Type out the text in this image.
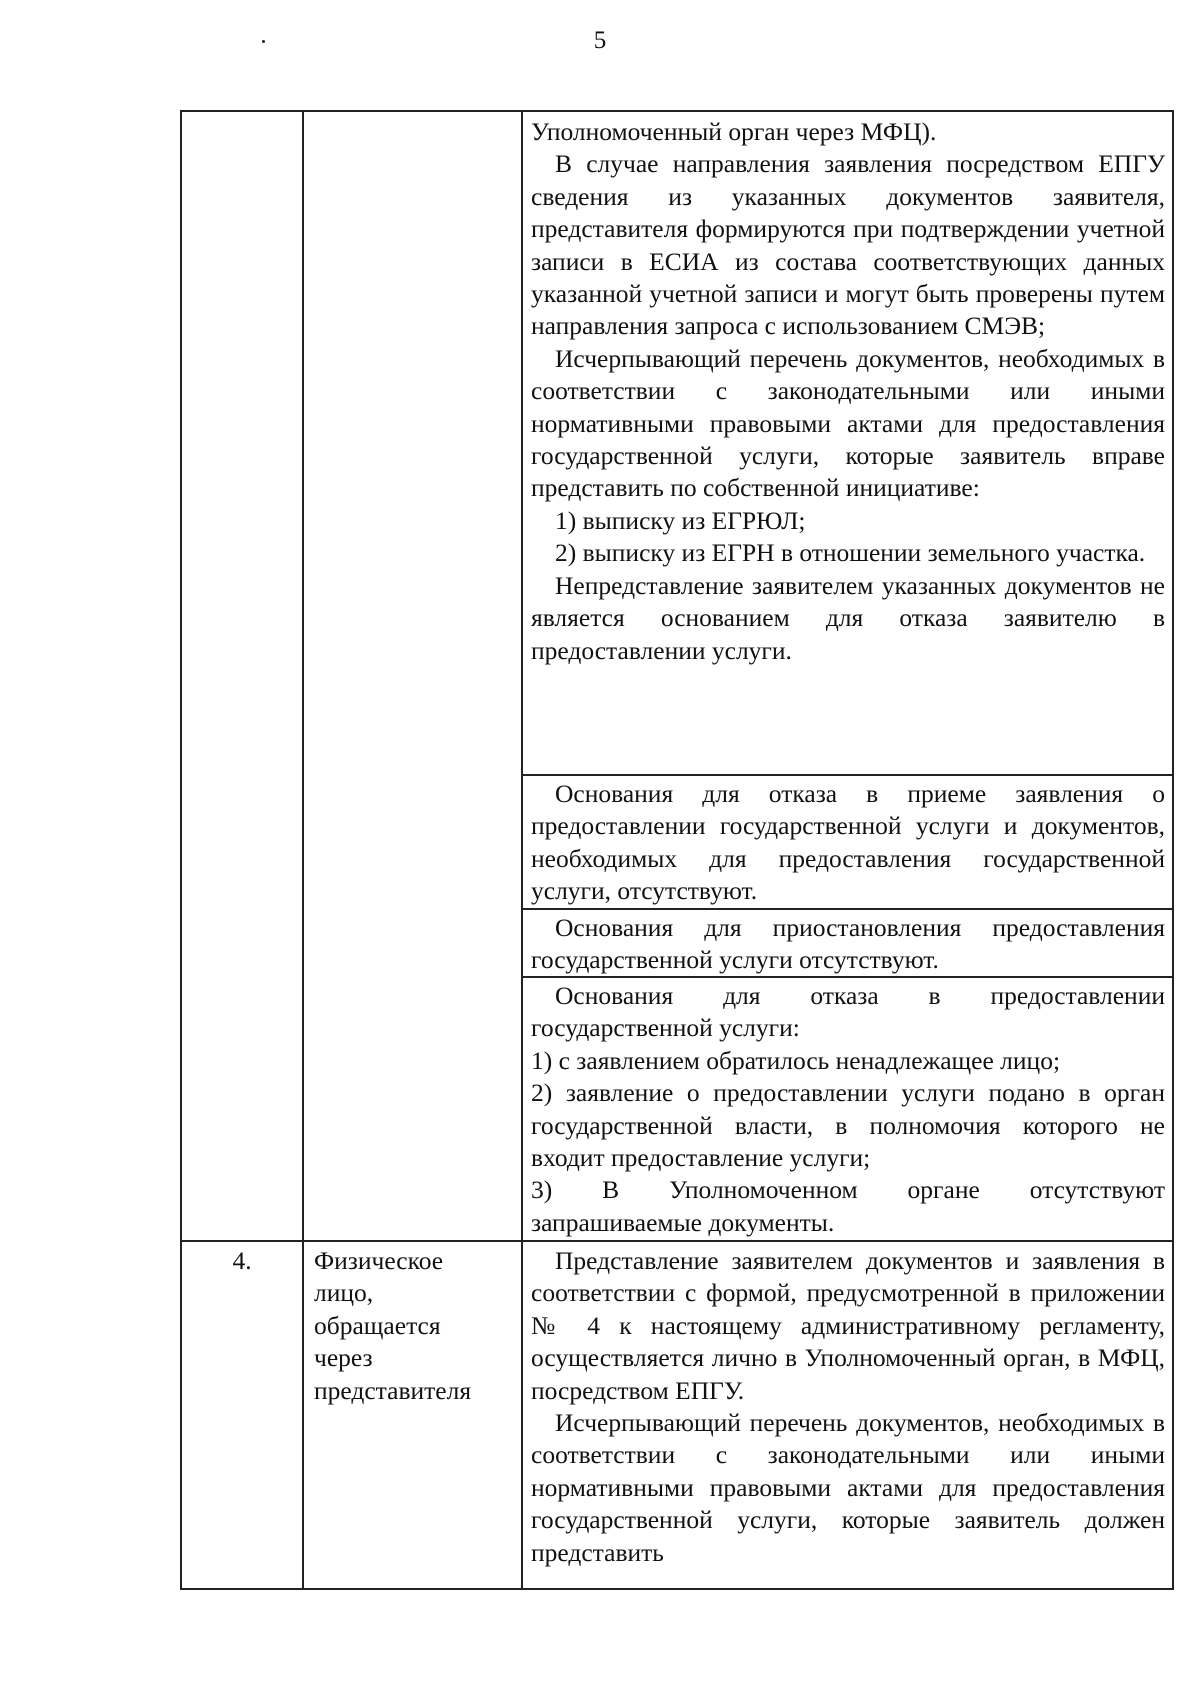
5

Уполномоченный орган через МФЦ).

В случае направления заявления посредством ЕПГУ сведения из указанных документов заявителя, представителя формируются при подтверждении учетной записи в ЕСИА из состава соответствующих данных указанной учетной записи и могут быть проверены путем направления запроса с использованием СМЭВ;

Исчерпывающий перечень документов, необходимых в соответствии с законодательными или иными нормативными правовыми актами для предоставления государственной услуги, которые заявитель вправе представить по собственной инициативе:

1) выписку из ЕГРЮЛ;

2) выписку из ЕГРН в отношении земельного участка.

Непредставление заявителем указанных документов не является основанием для отказа заявителю в предоставлении услуги.

Основания для отказа в приеме заявления о предоставлении государственной услуги и документов, необходимых для предоставления государственной услуги, отсутствуют.

Основания для приостановления предоставления государственной услуги отсутствуют.

Основания для отказа в предоставлении государственной услуги:

1) с заявлением обратилось ненадлежащее лицо;

2) заявление о предоставлении услуги подано в орган государственной власти, в полномочия которого не входит предоставление услуги;

3) В Уполномоченном органе отсутствуют запрашиваемые документы.

4.	Физическое

лицо,

обращается

через

представителя

Представление заявителем документов и заявления в соответствии с формой, предусмотренной в приложении № 4 к настоящему административному регламенту, осуществляется лично в Уполномоченный орган, в МФЦ, посредством ЕПГУ.

Исчерпывающий перечень документов, необходимых в соответствии с законодательными или иными нормативными правовыми актами для предоставления государственной услуги, которые заявитель должен представить
